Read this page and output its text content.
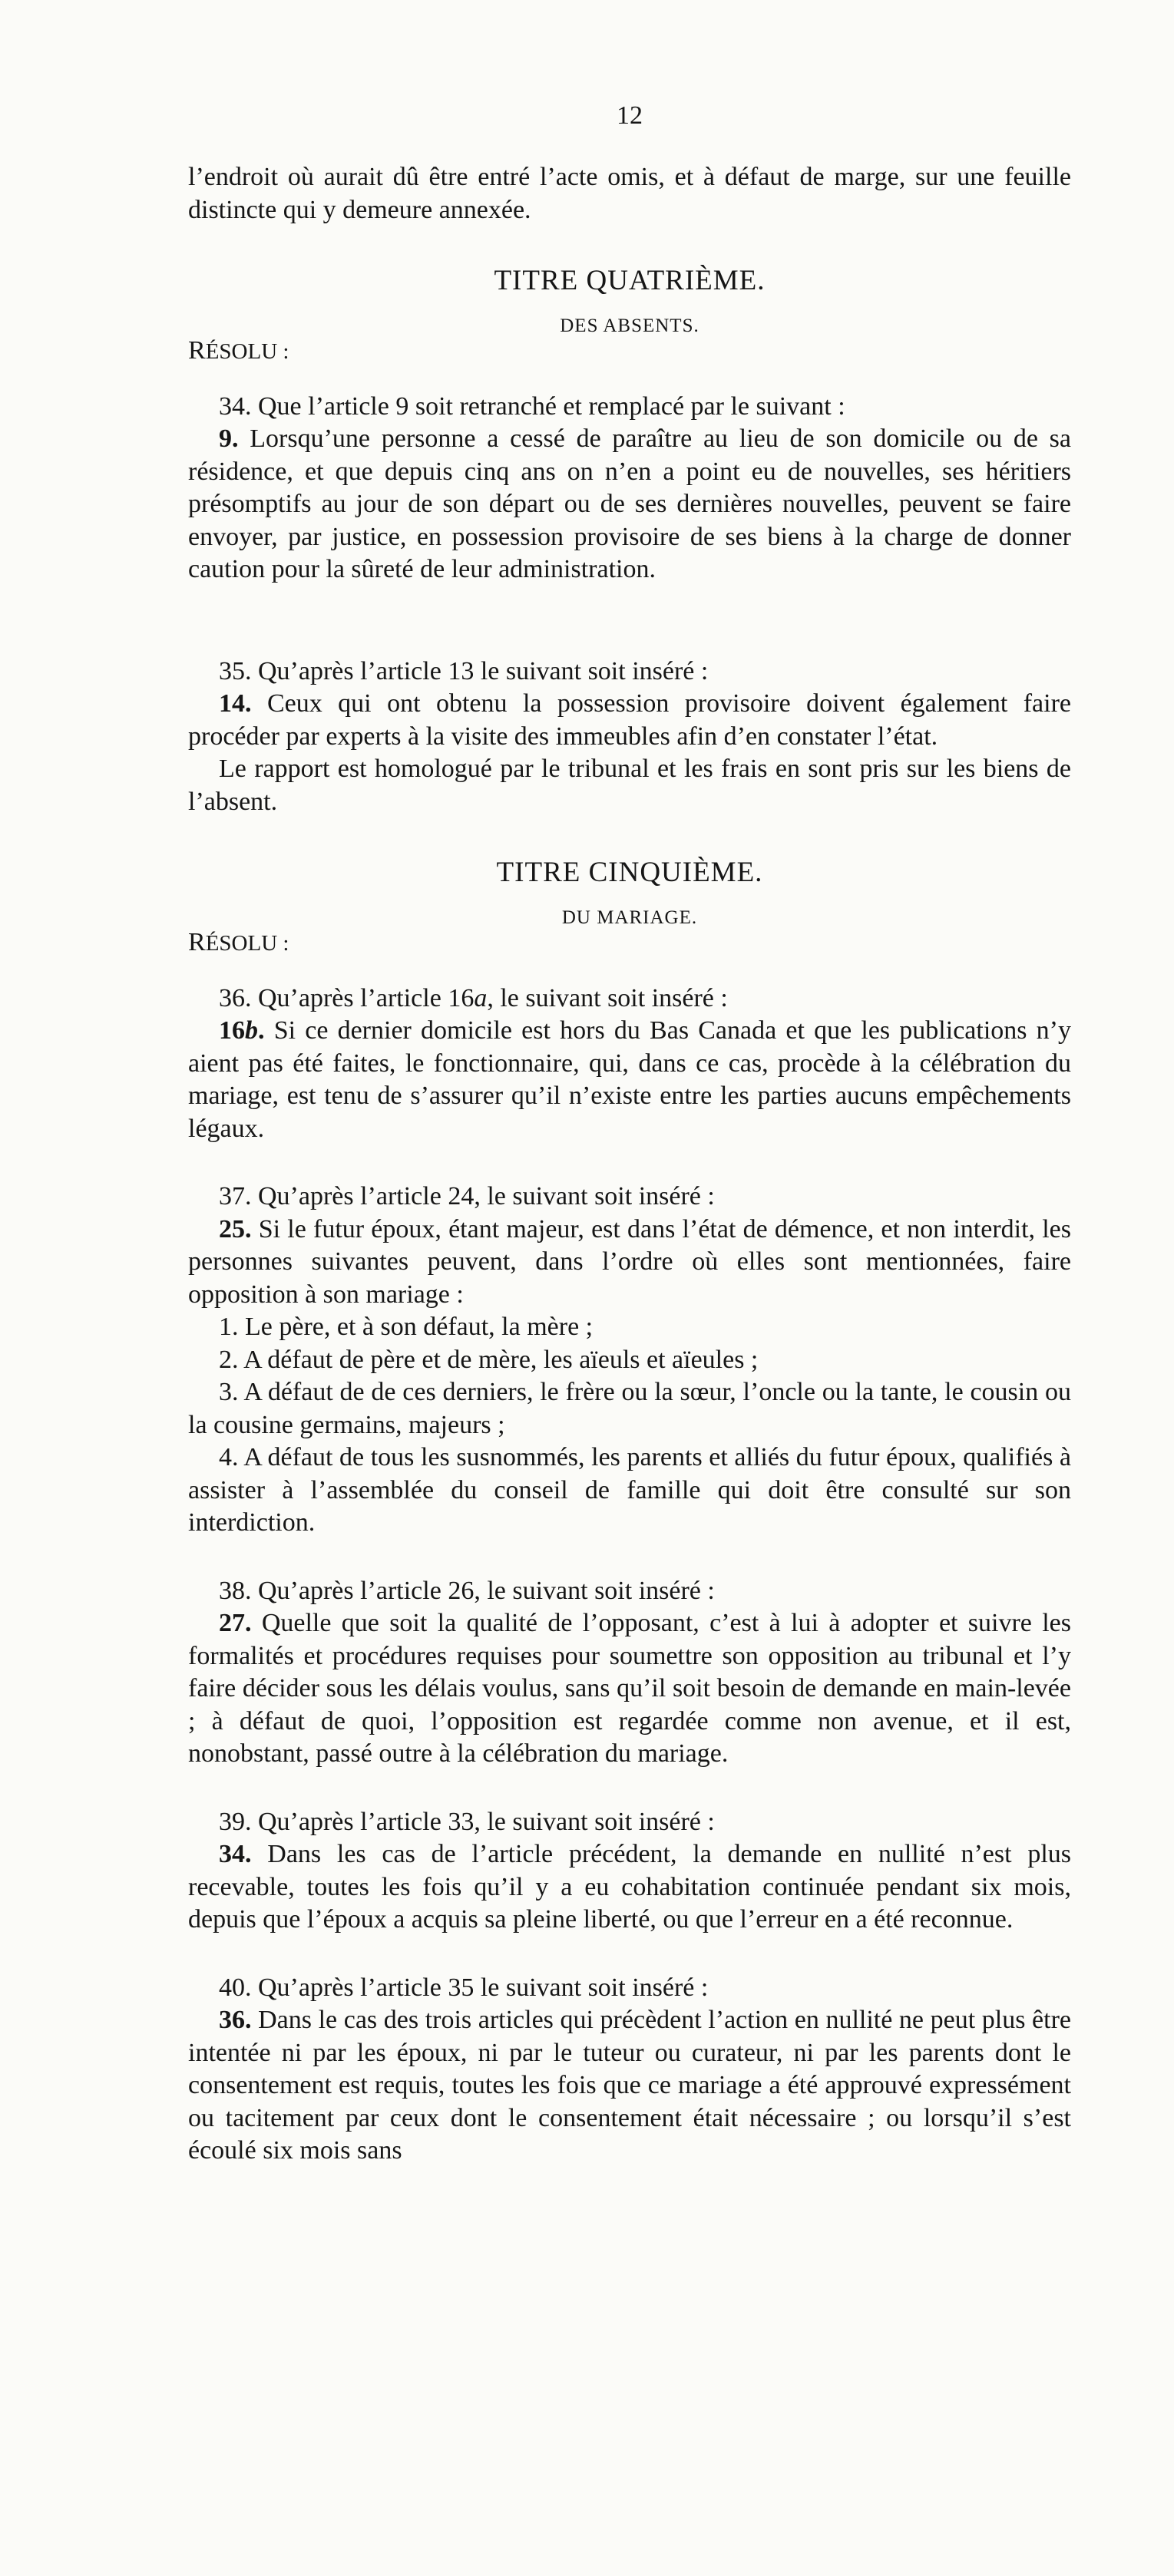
12

l’endroit où aurait dû être entré l’acte omis, et à défaut de marge, sur une feuille distincte qui y demeure annexée.

TITRE QUATRIÈME.
DES ABSENTS.
RÉSOLU :

34. Que l’article 9 soit retranché et remplacé par le suivant :

9. Lorsqu’une personne a cessé de paraître au lieu de son domicile ou de sa résidence, et que depuis cinq ans on n’en a point eu de nouvelles, ses héritiers présomptifs au jour de son départ ou de ses dernières nouvelles, peuvent se faire envoyer, par justice, en possession provisoire de ses biens à la charge de donner caution pour la sûreté de leur administration.

35. Qu’après l’article 13 le suivant soit inséré :

14. Ceux qui ont obtenu la possession provisoire doivent également faire procéder par experts à la visite des immeubles afin d’en constater l’état.

Le rapport est homologué par le tribunal et les frais en sont pris sur les biens de l’absent.

TITRE CINQUIÈME.
DU MARIAGE.
RÉSOLU :

36. Qu’après l’article 16a, le suivant soit inséré :

16b. Si ce dernier domicile est hors du Bas Canada et que les publications n’y aient pas été faites, le fonctionnaire, qui, dans ce cas, procède à la célébration du mariage, est tenu de s’assurer qu’il n’existe entre les parties aucuns empêchements légaux.

37. Qu’après l’article 24, le suivant soit inséré :

25. Si le futur époux, étant majeur, est dans l’état de démence, et non interdit, les personnes suivantes peuvent, dans l’ordre où elles sont mentionnées, faire opposition à son mariage :

1. Le père, et à son défaut, la mère ;

2. A défaut de père et de mère, les aïeuls et aïeules ;

3. A défaut de de ces derniers, le frère ou la sœur, l’oncle ou la tante, le cousin ou la cousine germains, majeurs ;

4. A défaut de tous les susnommés, les parents et alliés du futur époux, qualifiés à assister à l’assemblée du conseil de famille qui doit être consulté sur son interdiction.

38. Qu’après l’article 26, le suivant soit inséré :

27. Quelle que soit la qualité de l’opposant, c’est à lui à adopter et suivre les formalités et procédures requises pour soumettre son opposition au tribunal et l’y faire décider sous les délais voulus, sans qu’il soit besoin de demande en main-levée ; à défaut de quoi, l’opposition est regardée comme non avenue, et il est, nonobstant, passé outre à la célébration du mariage.

39. Qu’après l’article 33, le suivant soit inséré :

34. Dans les cas de l’article précédent, la demande en nullité n’est plus recevable, toutes les fois qu’il y a eu cohabitation continuée pendant six mois, depuis que l’époux a acquis sa pleine liberté, ou que l’erreur en a été reconnue.

40. Qu’après l’article 35 le suivant soit inséré :

36. Dans le cas des trois articles qui précèdent l’action en nullité ne peut plus être intentée ni par les époux, ni par le tuteur ou curateur, ni par les parents dont le consentement est requis, toutes les fois que ce mariage a été approuvé expressément ou tacitement par ceux dont le consentement était nécessaire ; ou lorsqu’il s’est écoulé six mois sans
